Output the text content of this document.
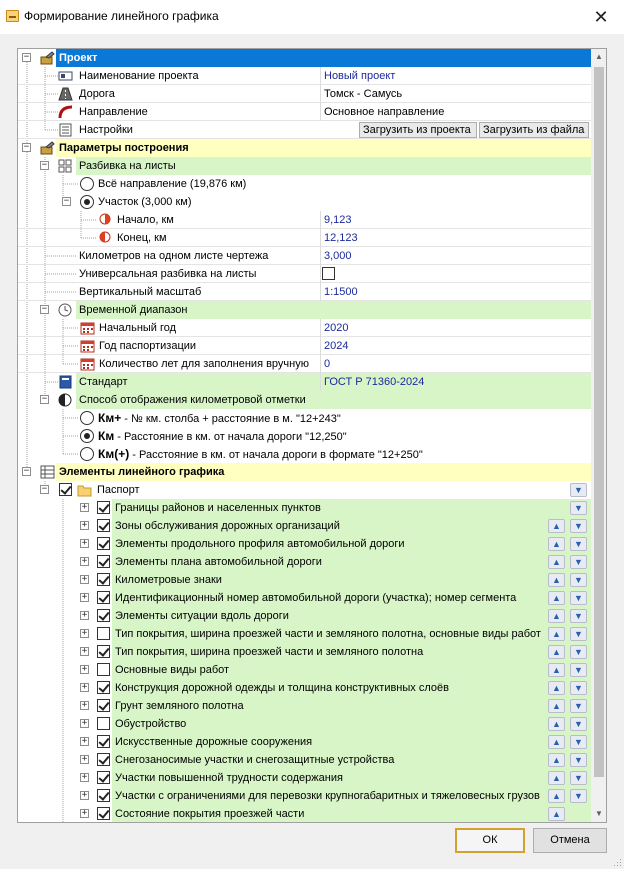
Формирование линейного графика	✕
−	Проект
Наименование проекта	Новый проект
Дорога	Томск - Самусь
Направление	Основное направление
Настройки	Загрузить из проекта	Загрузить из файла
−	Параметры построения
−	Разбивка на листы
Всё направление (19,876 км)
−	Участок (3,000 км)
Начало, км	9,123
Конец, км	12,123
Километров на одном листе чертежа	3,000
Универсальная разбивка на листы
Вертикальный масштаб	1:1500
−	Временной диапазон
Начальный год	2020
Год паспортизации	2024
Количество лет для заполнения вручную	0
Стандарт	ГОСТ Р 71360-2024
−	Способ отображения километровой отметки
Км+ - № км. столба + расстояние в м. "12+243"
Км - Расстояние в км. от начала дороги "12,250"
Км(+) - Расстояние в км. от начала дороги в формате "12+250"
−	Элементы линейного графика
−	Паспорт	▼
+	Границы районов и населенных пунктов	▼
+	Зоны обслуживания дорожных организаций	▲	▼
+	Элементы продольного профиля автомобильной дороги	▲	▼
+	Элементы плана автомобильной дороги	▲	▼
+	Километровые знаки	▲	▼
+	Идентификационный номер автомобильной дороги (участка); номер сегмента	▲	▼
+	Элементы ситуации вдоль дороги	▲	▼
+	Тип покрытия, ширина проезжей части и земляного полотна, основные виды работ	▲	▼
+	Тип покрытия, ширина проезжей части и земляного полотна	▲	▼
+	Основные виды работ	▲	▼
+	Конструкция дорожной одежды и толщина конструктивных слоёв	▲	▼
+	Грунт земляного полотна	▲	▼
+	Обустройство	▲	▼
+	Искусственные дорожные сооружения	▲	▼
+	Снегозаносимые участки и снегозащитные устройства	▲	▼
+	Участки повышенной трудности содержания	▲	▼
+	Участки с ограничениями для перевозки крупногабаритных и тяжеловесных грузов	▲	▼
+	Состояние покрытия проезжей части	▲
▲
▼
ОК	Отмена
